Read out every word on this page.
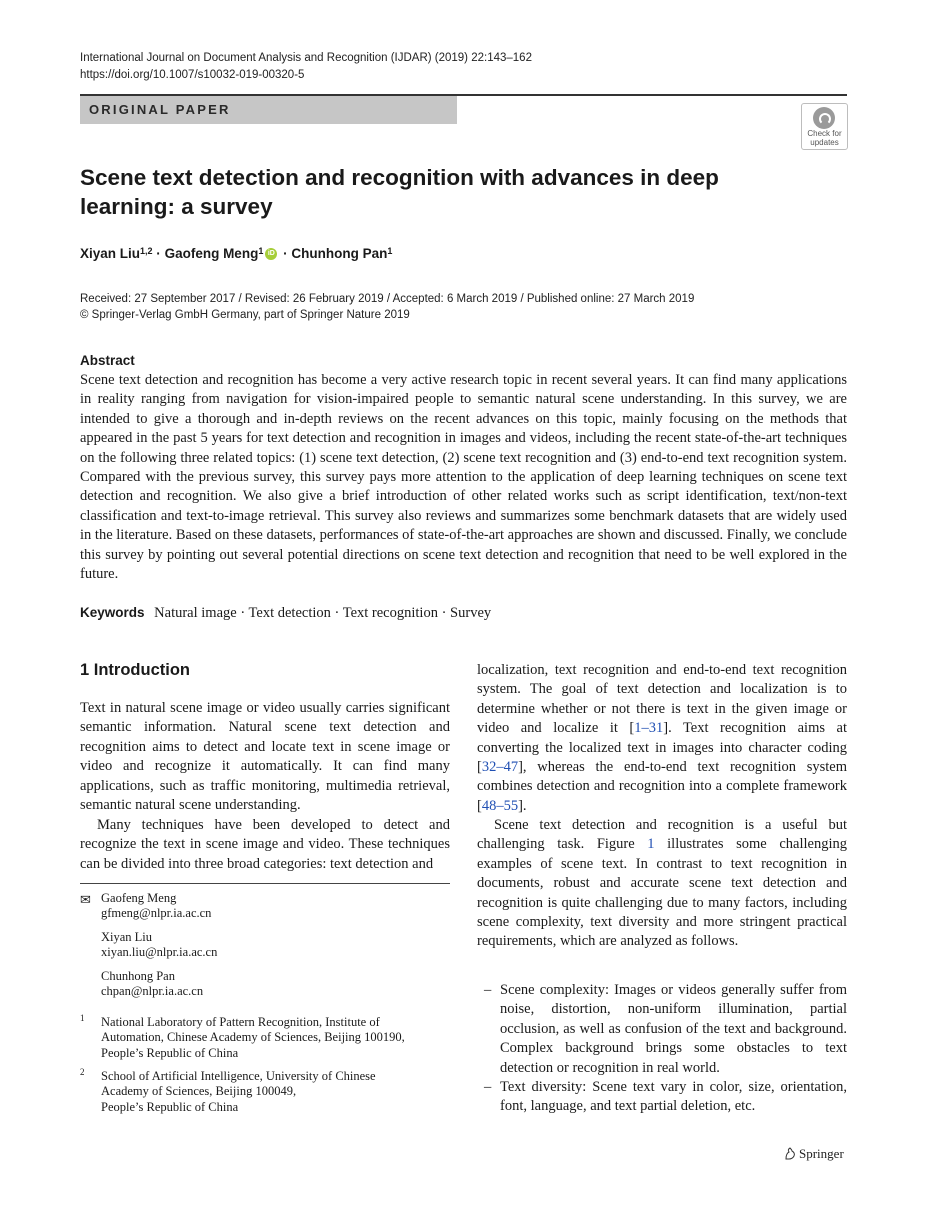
International Journal on Document Analysis and Recognition (IJDAR) (2019) 22:143–162
https://doi.org/10.1007/s10032-019-00320-5
ORIGINAL PAPER
Check for updates
Scene text detection and recognition with advances in deep learning: a survey
Xiyan Liu$^{1,2}$ · Gaofeng Meng$^1$ iD · Chunhong Pan$^1$
Received: 27 September 2017 / Revised: 26 February 2019 / Accepted: 6 March 2019 / Published online: 27 March 2019
© Springer-Verlag GmbH Germany, part of Springer Nature 2019
Abstract
Scene text detection and recognition has become a very active research topic in recent several years. It can find many applications in reality ranging from navigation for vision-impaired people to semantic natural scene understanding. In this survey, we are intended to give a thorough and in-depth reviews on the recent advances on this topic, mainly focusing on the methods that appeared in the past 5 years for text detection and recognition in images and videos, including the recent state-of-the-art techniques on the following three related topics: (1) scene text detection, (2) scene text recognition and (3) end-to-end text recognition system. Compared with the previous survey, this survey pays more attention to the application of deep learning techniques on scene text detection and recognition. We also give a brief introduction of other related works such as script identification, text/non-text classification and text-to-image retrieval. This survey also reviews and summarizes some benchmark datasets that are widely used in the literature. Based on these datasets, performances of state-of-the-art approaches are shown and discussed. Finally, we conclude this survey by pointing out several potential directions on scene text detection and recognition that need to be well explored in the future.
Keywords Natural image · Text detection · Text recognition · Survey
1 Introduction
Text in natural scene image or video usually carries significant semantic information. Natural scene text detection and recognition aims to detect and locate text in scene image or video and recognize it automatically. It can find many applications, such as traffic monitoring, multimedia retrieval, semantic natural scene understanding.
Many techniques have been developed to detect and recognize the text in scene image and video. These techniques can be divided into three broad categories: text detection and
✉ Gaofeng Meng
gfmeng@nlpr.ia.ac.cn
Xiyan Liu
xiyan.liu@nlpr.ia.ac.cn
Chunhong Pan
chpan@nlpr.ia.ac.cn
1 National Laboratory of Pattern Recognition, Institute of
Automation, Chinese Academy of Sciences, Beijing 100190,
People’s Republic of China
2 School of Artificial Intelligence, University of Chinese
Academy of Sciences, Beijing 100049,
People’s Republic of China
localization, text recognition and end-to-end text recognition system. The goal of text detection and localization is to determine whether or not there is text in the given image or video and localize it [1–31]. Text recognition aims at converting the localized text in images into character coding [32–47], whereas the end-to-end text recognition system combines detection and recognition into a complete framework [48–55].
Scene text detection and recognition is a useful but challenging task. Figure 1 illustrates some challenging examples of scene text. In contrast to text recognition in documents, robust and accurate scene text detection and recognition is quite challenging due to many factors, including scene complexity, text diversity and more stringent practical requirements, which are analyzed as follows.
– Scene complexity: Images or videos generally suffer from noise, distortion, non-uniform illumination, partial occlusion, as well as confusion of the text and background. Complex background brings some obstacles to text detection or recognition in real world.
– Text diversity: Scene text vary in color, size, orientation, font, language, and text partial deletion, etc.
Springer
